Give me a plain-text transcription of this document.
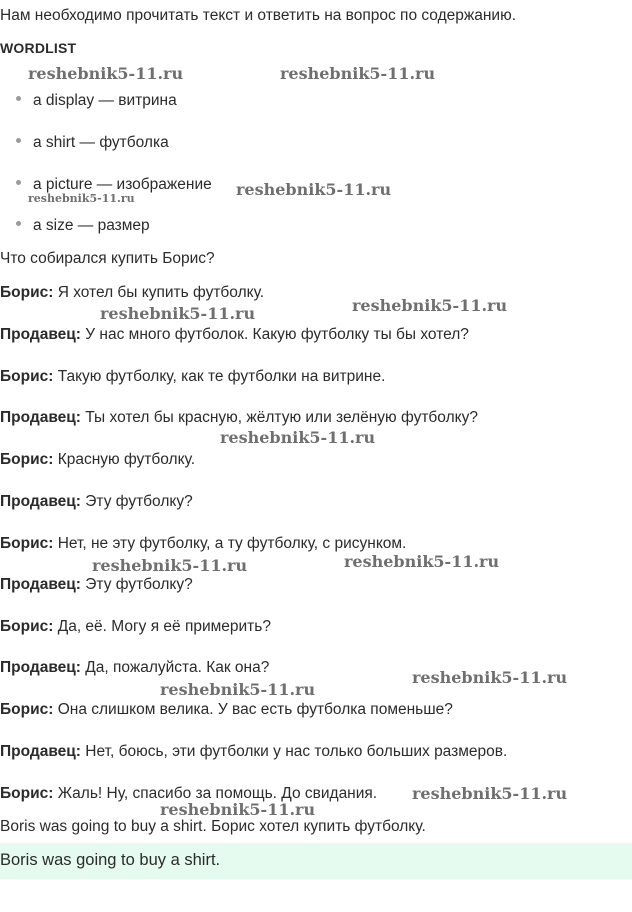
Нам необходимо прочитать текст и ответить на вопрос по содержанию.
WORDLIST
a display — витрина
a shirt — футболка
a picture — изображение
a size — размер
Что собирался купить Борис?
Борис: Я хотел бы купить футболку.
Продавец: У нас много футболок. Какую футболку ты бы хотел?
Борис: Такую футболку, как те футболки на витрине.
Продавец: Ты хотел бы красную, жёлтую или зелёную футболку?
Борис: Красную футболку.
Продавец: Эту футболку?
Борис: Нет, не эту футболку, а ту футболку, с рисунком.
Продавец: Эту футболку?
Борис: Да, её. Могу я её примерить?
Продавец: Да, пожалуйста. Как она?
Борис: Она слишком велика. У вас есть футболка поменьше?
Продавец: Нет, боюсь, эти футболки у нас только больших размеров.
Борис: Жаль! Ну, спасибо за помощь. До свидания.
Boris was going to buy a shirt. Борис хотел купить футболку.
Boris was going to buy a shirt.
reshebnik5-11.ru	reshebnik5-11.ru
reshebnik5-11.ru
reshebnik5-11.ru
reshebnik5-11.ru
reshebnik5-11.ru
reshebnik5-11.ru
reshebnik5-11.ru
reshebnik5-11.ru
reshebnik5-11.ru
reshebnik5-11.ru
reshebnik5-11.ru
reshebnik5-11.ru
